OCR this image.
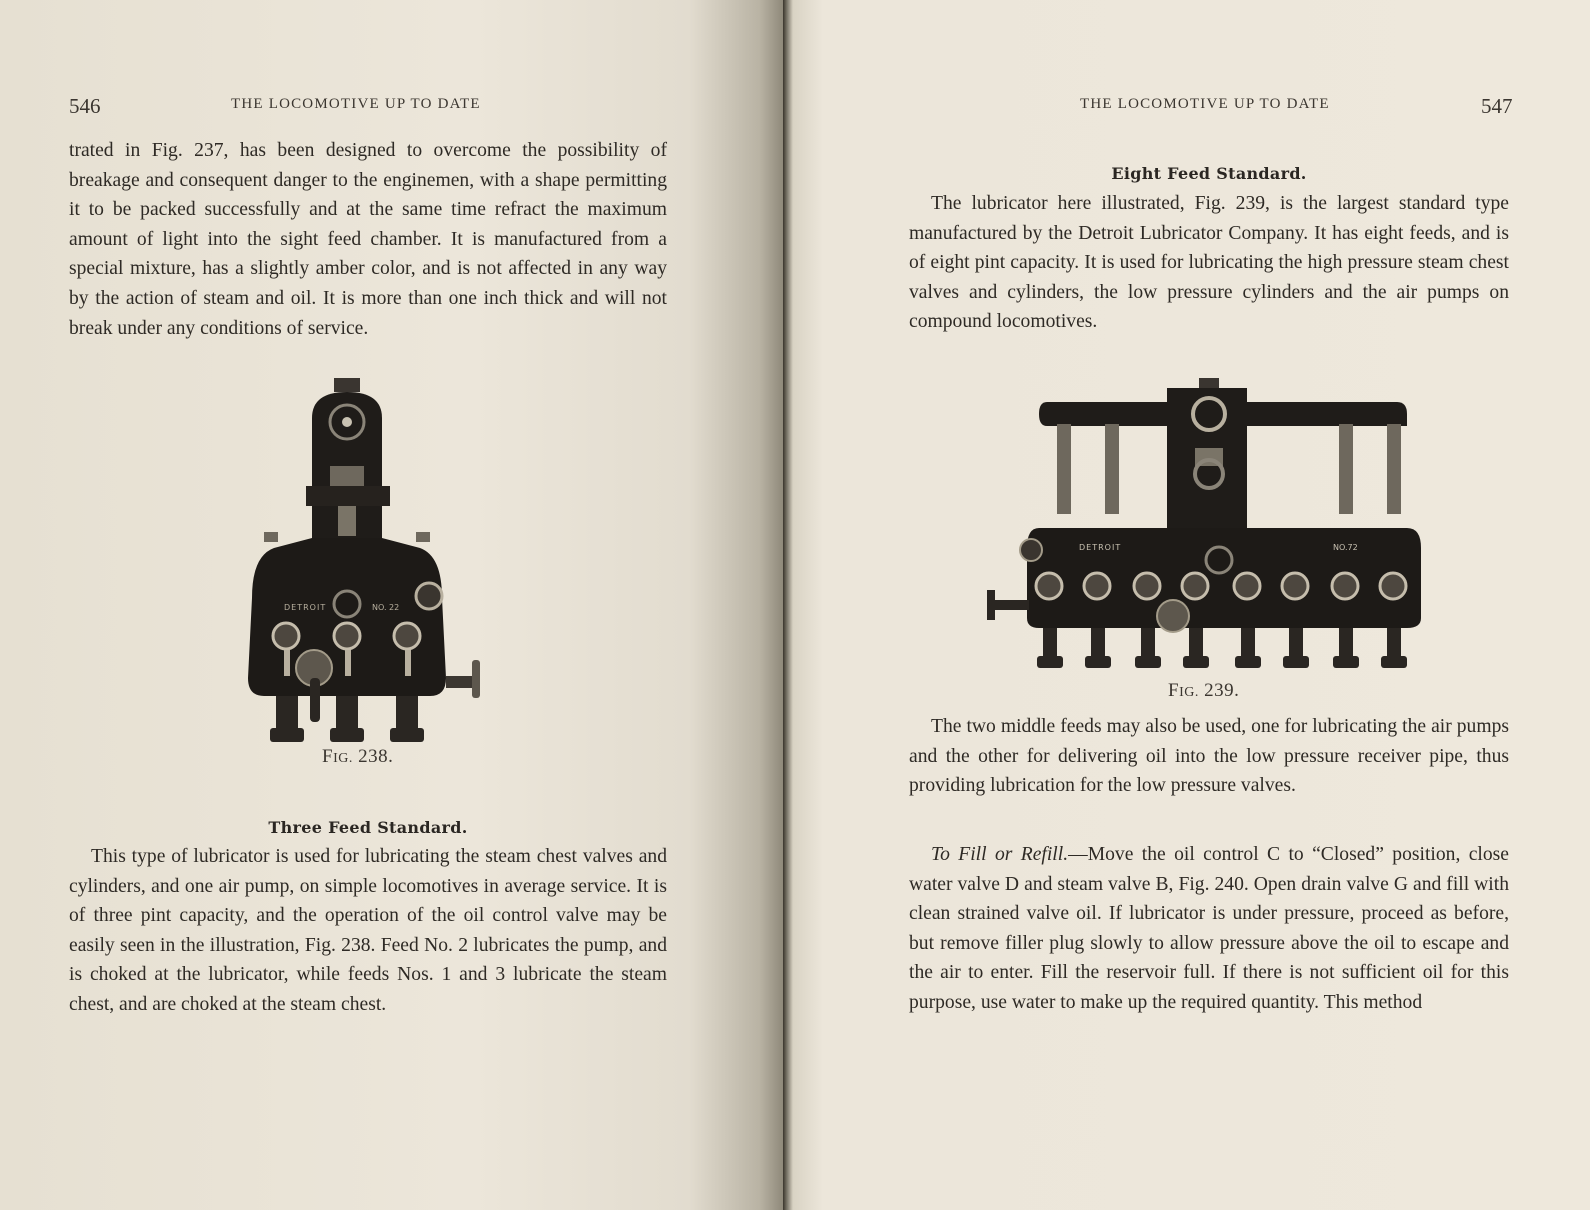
546	THE LOCOMOTIVE UP TO DATE

trated in Fig. 237, has been designed to overcome the possibility of breakage and consequent danger to the enginemen, with a shape permitting it to be packed successfully and at the same time refract the maximum amount of light into the sight feed chamber. It is manufactured from a special mixture, has a slightly amber color, and is not affected in any way by the action of steam and oil. It is more than one inch thick and will not break under any conditions of service.

DETROIT	NO. 22
FIG. 238.
Three Feed Standard.

This type of lubricator is used for lubricating the steam chest valves and cylinders, and one air pump, on simple locomotives in average service. It is of three pint capacity, and the operation of the oil control valve may be easily seen in the illustration, Fig. 238. Feed No. 2 lubricates the pump, and is choked at the lubricator, while feeds Nos. 1 and 3 lubricate the steam chest, and are choked at the steam chest.

THE LOCOMOTIVE UP TO DATE	547
Eight Feed Standard.

The lubricator here illustrated, Fig. 239, is the largest standard type manufactured by the Detroit Lubricator Company. It has eight feeds, and is of eight pint capacity. It is used for lubricating the high pressure steam chest valves and cylinders, the low pressure cylinders and the air pumps on compound locomotives.

DETROIT	NO.72
FIG. 239.

The two middle feeds may also be used, one for lubricating the air pumps and the other for delivering oil into the low pressure receiver pipe, thus providing lubrication for the low pressure valves.

To Fill or Refill.—Move the oil control C to “Closed” position, close water valve D and steam valve B, Fig. 240. Open drain valve G and fill with clean strained valve oil. If lubricator is under pressure, proceed as before, but remove filler plug slowly to allow pressure above the oil to escape and the air to enter. Fill the reservoir full. If there is not sufficient oil for this purpose, use water to make up the required quantity. This method
